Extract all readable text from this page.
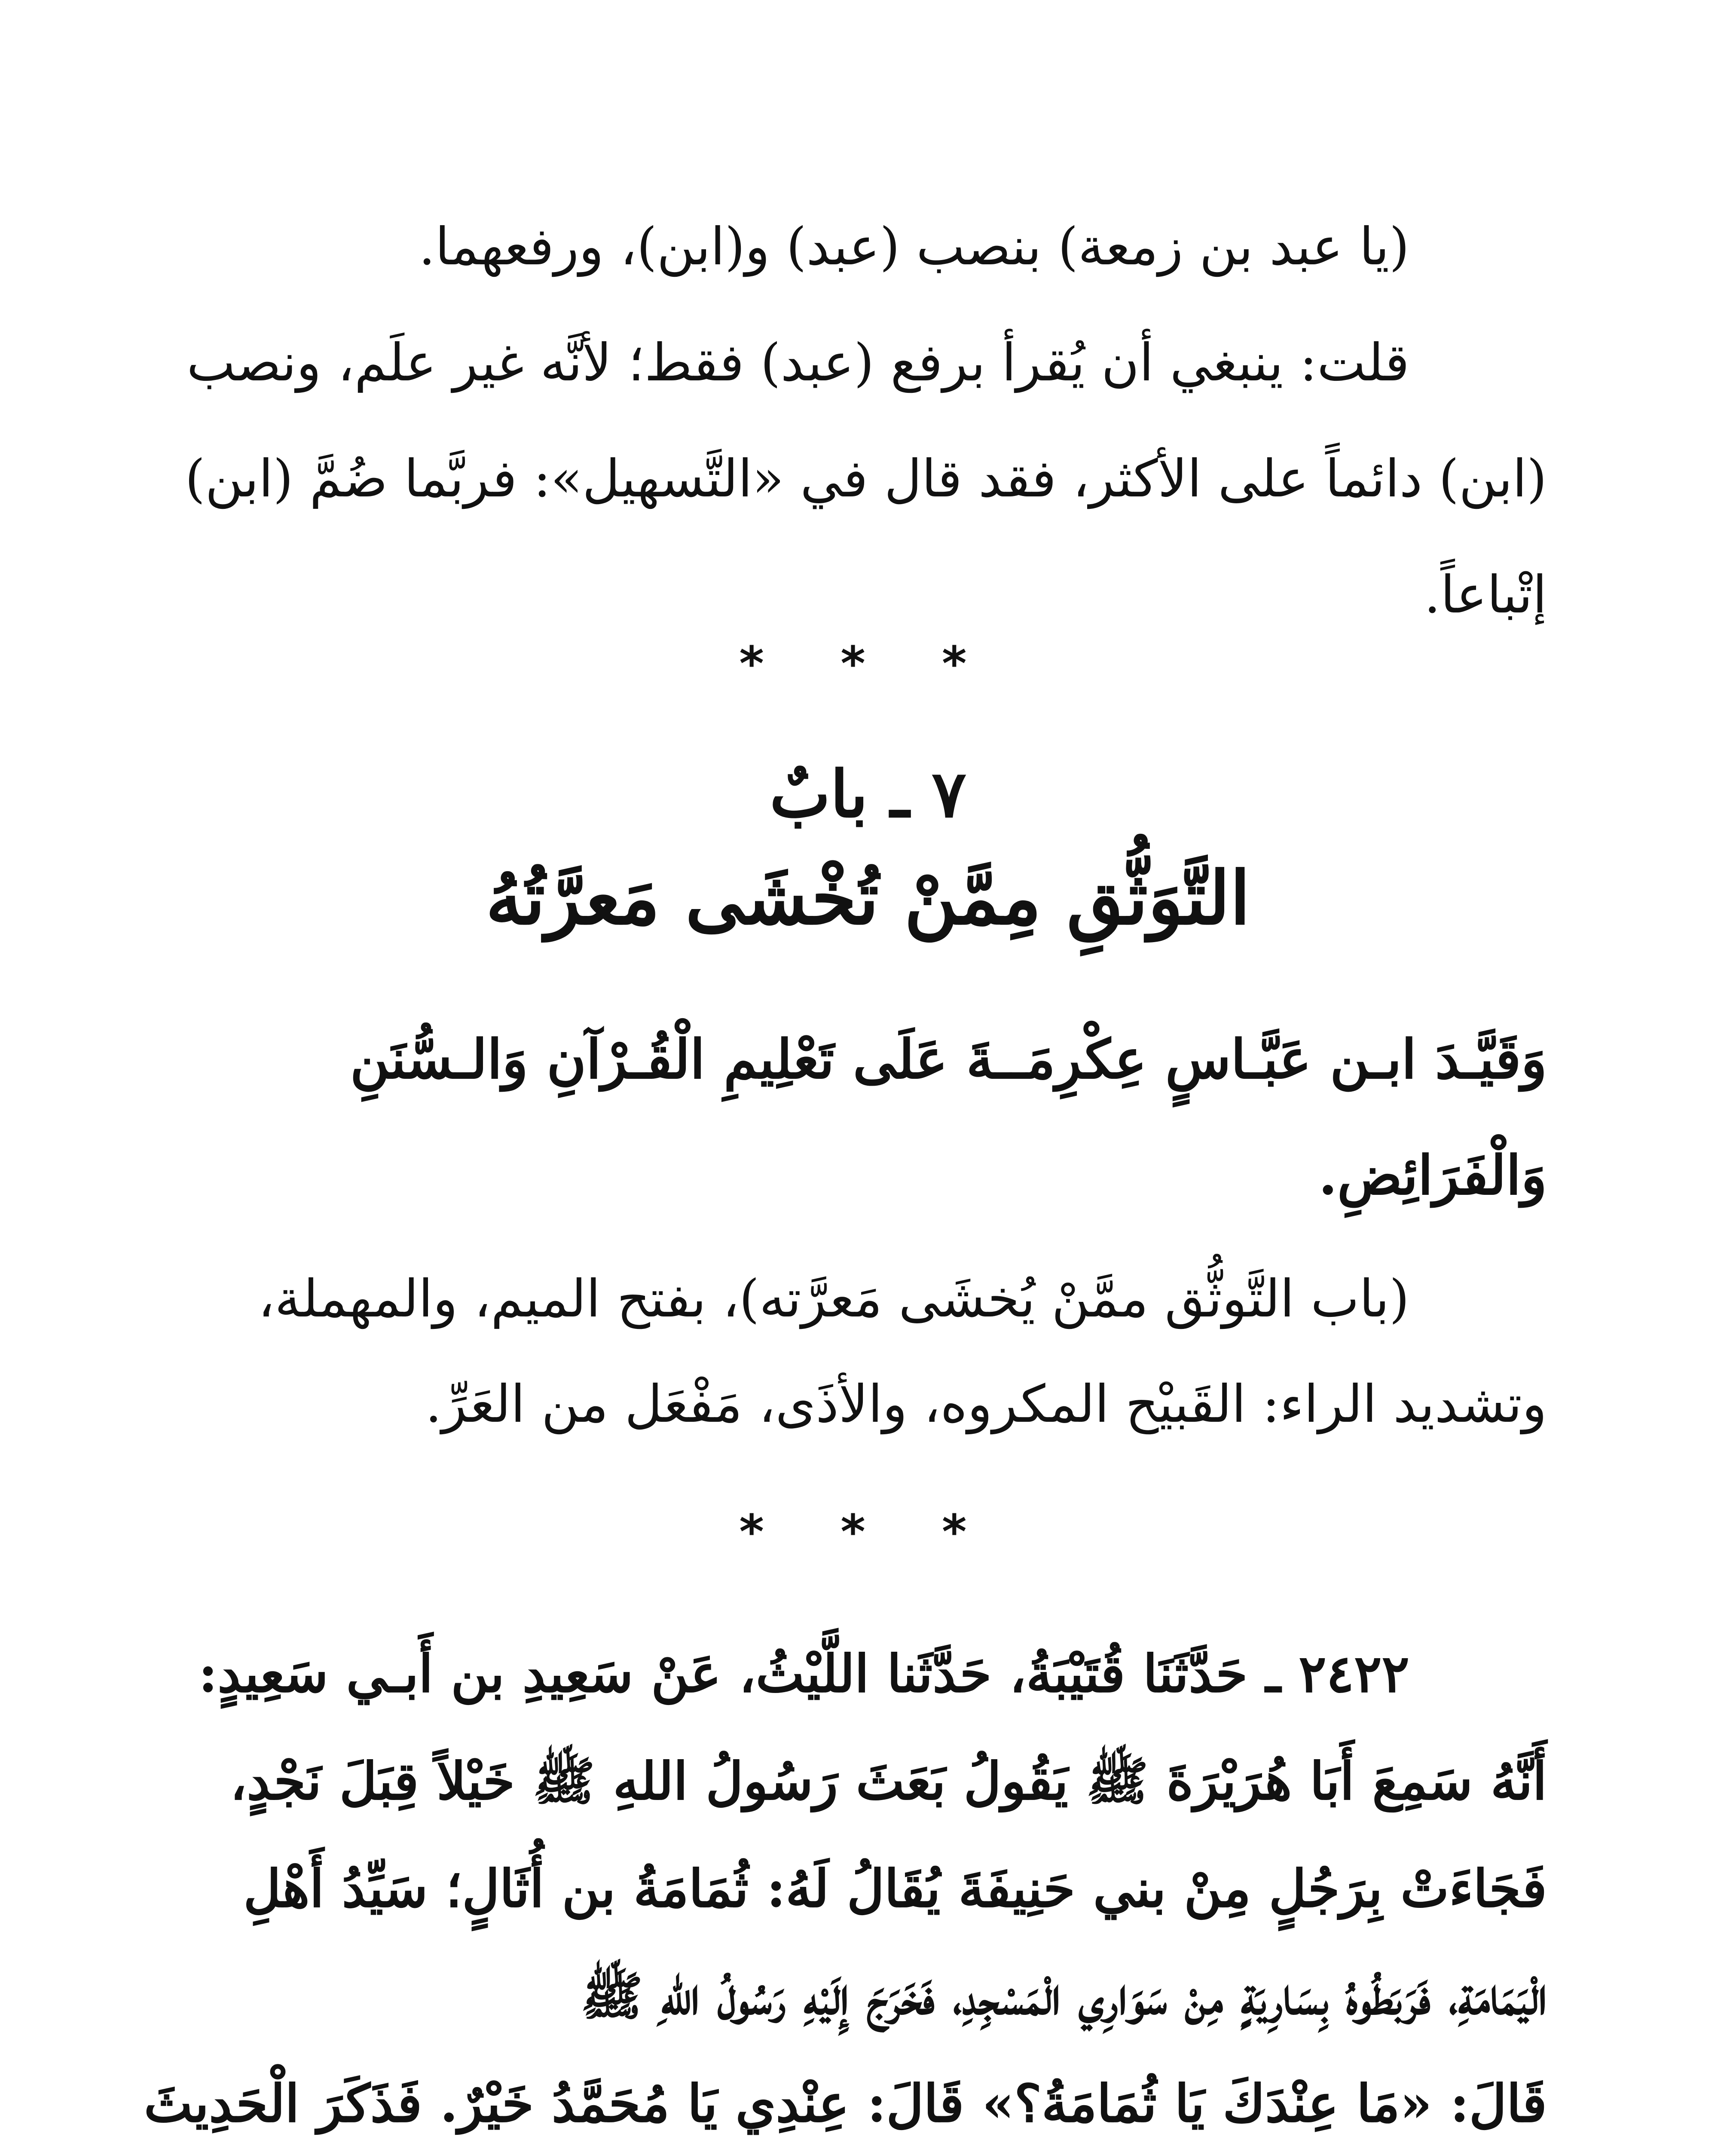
(يا عبد بن زمعة) بنصب (عبد) و(ابن)، ورفعهما.
قلت: ينبغي أن يُقرأ برفع (عبد) فقط؛ لأنَّه غير علَم، ونصب
(ابن) دائماً على الأكثر، فقد قال في «التَّسهيل»: فربَّما ضُمَّ (ابن)
إتْباعاً.
* * *
٧ ـ بابٌ
التَّوَثُّقِ مِمَّنْ تُخْشَى مَعرَّتُهُ
وَقَيَّـدَ ابـن عَبَّـاسٍ عِكْرِمَــةَ عَلَى تَعْلِيمِ الْقُـرْآنِ وَالـسُّنَنِ
وَالْفَرَائِضِ.
(باب التَّوثُّق ممَّنْ يُخشَى مَعرَّته)، بفتح الميم، والمهملة،
وتشديد الراء: القَبيْح المكروه، والأذَى، مَفْعَل من العَرِّ.
* * *
٢٤٢٢ ـ حَدَّثَنَا قُتَيْبَةُ، حَدَّثَنا اللَّيْثُ، عَنْ سَعِيدِ بن أَبـي سَعِيدٍ:
أَنَّهُ سَمِعَ أَبَا هُرَيْرَةَ ﷺ يَقُولُ بَعَثَ رَسُولُ اللهِ ﷺ خَيْلاً قِبَلَ نَجْدٍ،
فَجَاءَتْ بِرَجُلٍ مِنْ بني حَنِيفَةَ يُقَالُ لَهُ: ثُمَامَةُ بن أُثَالٍ؛ سَيِّدُ أَهْلِ
الْيَمَامَةِ، فَرَبَطُوهُ بِسَارِيَةٍ مِنْ سَوَارِي الْمَسْجِدِ، فَخَرَجَ إِلَيْهِ رَسُولُ اللهِ ﷺ
قَالَ: «مَا عِنْدَكَ يَا ثُمَامَةُ؟» قَالَ: عِنْدِي يَا مُحَمَّدُ خَيْرٌ. فَذَكَرَ الْحَدِيثَ
